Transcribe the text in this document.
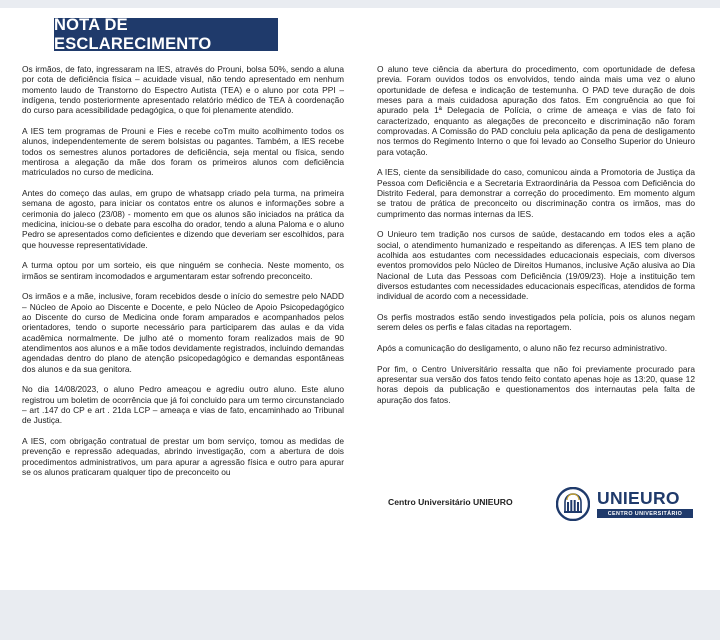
NOTA DE ESCLARECIMENTO

Os irmãos, de fato, ingressaram na IES, através do Prouni, bolsa 50%, sendo a aluna por cota de deficiência física – acuidade visual, não tendo apresentado em nenhum momento laudo de Transtorno do Espectro Autista (TEA) e o aluno por cota PPI – indígena, tendo posteriormente apresentado relatório médico de TEA à coordenação do curso para acessibilidade pedagógica, o que foi plenamente atendido.

A IES tem programas de Prouni e Fies e recebe coTm muito acolhimento todos os alunos, independentemente de serem bolsistas ou pagantes. Também, a IES recebe todos os semestres alunos portadores de deficiência, seja mental ou física, sendo mentirosa a alegação da mãe dos foram os primeiros alunos com deficiência matriculados no curso de medicina.

Antes do começo das aulas, em grupo de whatsapp criado pela turma, na primeira semana de agosto, para iniciar os contatos entre os alunos e informações sobre a cerimonia do jaleco (23/08) - momento em que os alunos são iniciados na prática da medicina, iniciou-se o debate para escolha do orador, tendo a aluna Paloma e o aluno Pedro se apresentados como deficientes e dizendo que deveriam ser escolhidos, para que houvesse representatividade.

A turma optou por um sorteio, eis que ninguém se conhecia. Neste momento, os irmãos se sentiram incomodados e argumentaram estar sofrendo preconceito.

Os irmãos e a mãe, inclusive, foram recebidos desde o início do semestre pelo NADD – Núcleo de Apoio ao Discente e Docente, e pelo Núcleo de Apoio Psicopedagógico ao Discente do curso de Medicina onde foram amparados e acompanhados pelos orientadores, tendo o suporte necessário para participarem das aulas e da vida acadêmica normalmente. De julho até o momento foram realizados mais de 90 atendimentos aos alunos e a mãe todos devidamente registrados, incluindo demandas agendadas dentro do plano de atenção psicopedagógico e demandas espontâneas dos alunos e da sua genitora.

No dia 14/08/2023, o aluno Pedro ameaçou e agrediu outro aluno. Este aluno registrou um boletim de ocorrência que já foi concluido para um termo circunstanciado – art .147 do CP e art . 21da LCP – ameaça e vias de fato, encaminhado ao Tribunal de Justiça.

A IES, com obrigação contratual de prestar um bom serviço, tomou as medidas de prevenção e repressão adequadas, abrindo investigação, com a abertura de dois procedimentos administrativos, um para apurar a agressão física e outro para apurar se os alunos praticaram qualquer tipo de preconceito ou

O aluno teve ciência da abertura do procedimento, com oportunidade de defesa previa. Foram ouvidos todos os envolvidos, tendo ainda mais uma vez o aluno oportunidade de defesa e indicação de testemunha. O PAD teve duração de dois meses para a mais cuidadosa apuração dos fatos. Em congruência ao que foi apurado pela 1ª Delegacia de Polícia, o crime de ameaça e vias de fato foi caracterizado, enquanto as alegações de preconceito e discriminação não foram comprovadas. A Comissão do PAD concluiu pela aplicação da pena de desligamento nos termos do Regimento Interno o que foi levado ao Conselho Superior do Unieuro para votação.

A IES, ciente da sensibilidade do caso, comunicou ainda a Promotoria de Justiça da Pessoa com Deficiência e a Secretaria Extraordinária da Pessoa com Deficiência do Distrito Federal, para demonstrar a correção do procedimento. Em momento algum se tratou de prática de preconceito ou discriminação contra os irmãos, mas do cumprimento das normas internas da IES.

O Unieuro tem tradição nos cursos de saúde, destacando em todos eles a ação social, o atendimento humanizado e respeitando as diferenças. A IES tem plano de acolhida aos estudantes com necessidades educacionais especiais, com diversos eventos promovidos pelo Núcleo de Direitos Humanos, inclusive Ação alusiva ao Dia Nacional de Luta das Pessoas com Deficiência (19/09/23). Hoje a instituição tem diversos estudantes com necessidades educacionais específicas, atendidos de forma individual de acordo com a necessidade.

Os perfis mostrados estão sendo investigados pela polícia, pois os alunos negam serem deles os perfis e falas citadas na reportagem.

Após a comunicação do desligamento, o aluno não fez recurso administrativo.

Por fim, o Centro Universitário ressalta que não foi previamente procurado para apresentar sua versão dos fatos tendo feito contato apenas hoje as 13:20, quase 12 horas depois da publicação e questionamentos dos internautas pela falta de apuração dos fatos.

Centro Universitário UNIEURO	UNIEURO
CENTRO UNIVERSITÁRIO
